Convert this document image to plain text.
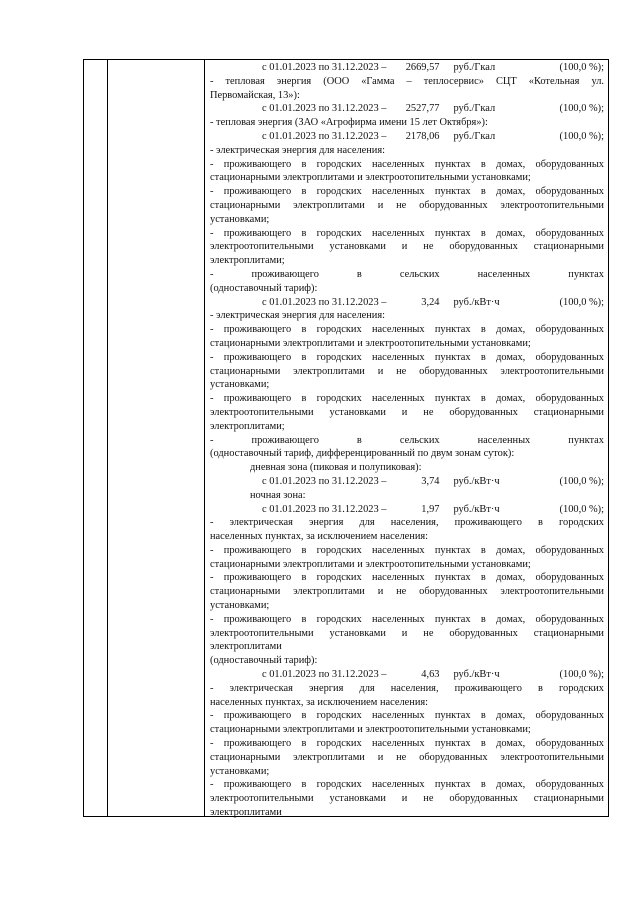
с 01.01.2023 по 31.12.2023 –	2669,57 руб./Гкал	(100,0 %);
- тепловая энергия (ООО «Гамма – теплосервис» СЦТ «Котельная ул.
Первомайская, 13»):
с 01.01.2023 по 31.12.2023 –	2527,77 руб./Гкал	(100,0 %);
- тепловая энергия (ЗАО «Агрофирма имени 15 лет Октября»):
с 01.01.2023 по 31.12.2023 –	2178,06 руб./Гкал	(100,0 %);
- электрическая энергия для населения:
- проживающего в городских населенных пунктах в домах, оборудованных
стационарными электроплитами и электроотопительными установками;
- проживающего в городских населенных пунктах в домах, оборудованных
стационарными электроплитами и не оборудованных электроотопительными
установками;
- проживающего в городских населенных пунктах в домах, оборудованных
электроотопительными установками и не оборудованных стационарными
электроплитами;
- проживающего в сельских населенных пунктах
(одноставочный тариф):
с 01.01.2023 по 31.12.2023 –	3,24 руб./кВт·ч	(100,0 %);
- электрическая энергия для населения:
- проживающего в городских населенных пунктах в домах, оборудованных
стационарными электроплитами и электроотопительными установками;
- проживающего в городских населенных пунктах в домах, оборудованных
стационарными электроплитами и не оборудованных электроотопительными
установками;
- проживающего в городских населенных пунктах в домах, оборудованных
электроотопительными установками и не оборудованных стационарными
электроплитами;
- проживающего в сельских населенных пунктах
(одноставочный тариф, дифференцированный по двум зонам суток):
дневная зона (пиковая и полупиковая):
с 01.01.2023 по 31.12.2023 –	3,74 руб./кВт·ч	(100,0 %);
ночная зона:
с 01.01.2023 по 31.12.2023 –	1,97 руб./кВт·ч	(100,0 %);
- электрическая энергия для населения, проживающего в городских
населенных пунктах, за исключением населения:
- проживающего в городских населенных пунктах в домах, оборудованных
стационарными электроплитами и электроотопительными установками;
- проживающего в городских населенных пунктах в домах, оборудованных
стационарными электроплитами и не оборудованных электроотопительными
установками;
- проживающего в городских населенных пунктах в домах, оборудованных
электроотопительными установками и не оборудованных стационарными
электроплитами
(одноставочный тариф):
с 01.01.2023 по 31.12.2023 –	4,63 руб./кВт·ч	(100,0 %);
- электрическая энергия для населения, проживающего в городских
населенных пунктах, за исключением населения:
- проживающего в городских населенных пунктах в домах, оборудованных
стационарными электроплитами и электроотопительными установками;
- проживающего в городских населенных пунктах в домах, оборудованных
стационарными электроплитами и не оборудованных электроотопительными
установками;
- проживающего в городских населенных пунктах в домах, оборудованных
электроотопительными установками и не оборудованных стационарными
электроплитами
